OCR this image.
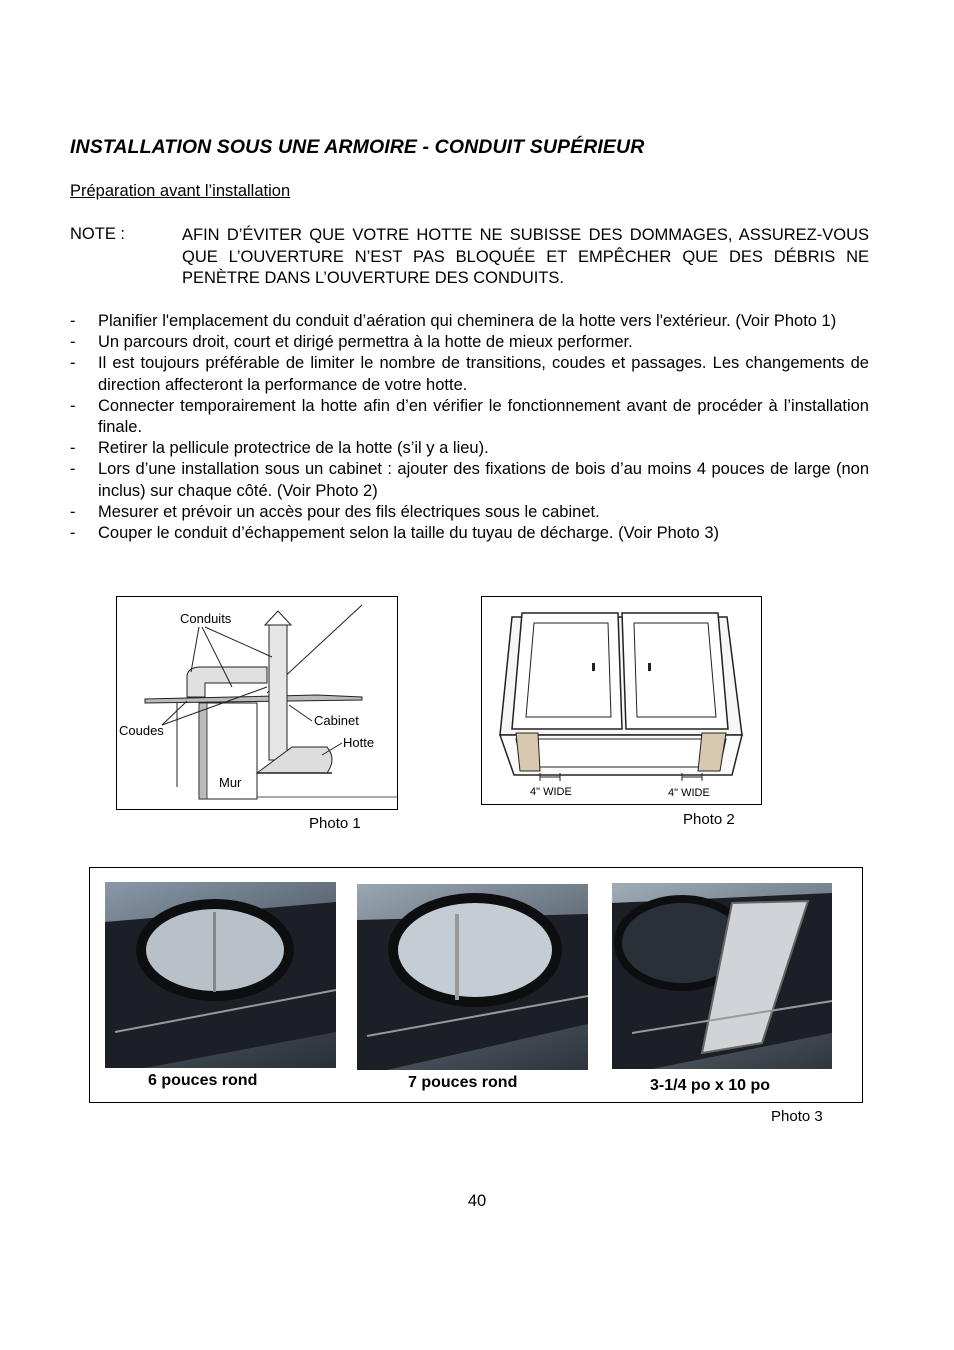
INSTALLATION SOUS UNE ARMOIRE - CONDUIT SUPÉRIEUR
Préparation avant l’installation
NOTE :	AFIN D’ÉVITER QUE VOTRE HOTTE NE SUBISSE DES DOMMAGES, ASSUREZ-VOUS QUE L’OUVERTURE N’EST PAS BLOQUÉE ET EMPÊCHER QUE DES DÉBRIS NE PENÈTRE DANS L’OUVERTURE DES CONDUITS.
- Planifier l'emplacement du conduit d’aération qui cheminera de la hotte vers l'extérieur. (Voir Photo 1)
- Un parcours droit, court et dirigé permettra à la hotte de mieux performer.
- Il est toujours préférable de limiter le nombre de transitions, coudes et passages. Les changements de direction affecteront la performance de votre hotte.
- Connecter temporairement la hotte afin d’en vérifier le fonctionnement avant de procéder à l’installation finale.
- Retirer la pellicule protectrice de la hotte (s’il y a lieu).
- Lors d’une installation sous un cabinet : ajouter des fixations de bois d’au moins 4 pouces de large (non inclus) sur chaque côté. (Voir Photo 2)
- Mesurer et prévoir un accès pour des fils électriques sous le cabinet.
- Couper le conduit d’échappement selon la taille du tuyau de décharge. (Voir Photo 3)
Conduits
Coudes
Cabinet
Hotte
Mur
Photo 1
4" WIDE	4" WIDE
Photo 2
6 pouces rond	7 pouces rond	3-1/4 po x 10 po
Photo 3
40
